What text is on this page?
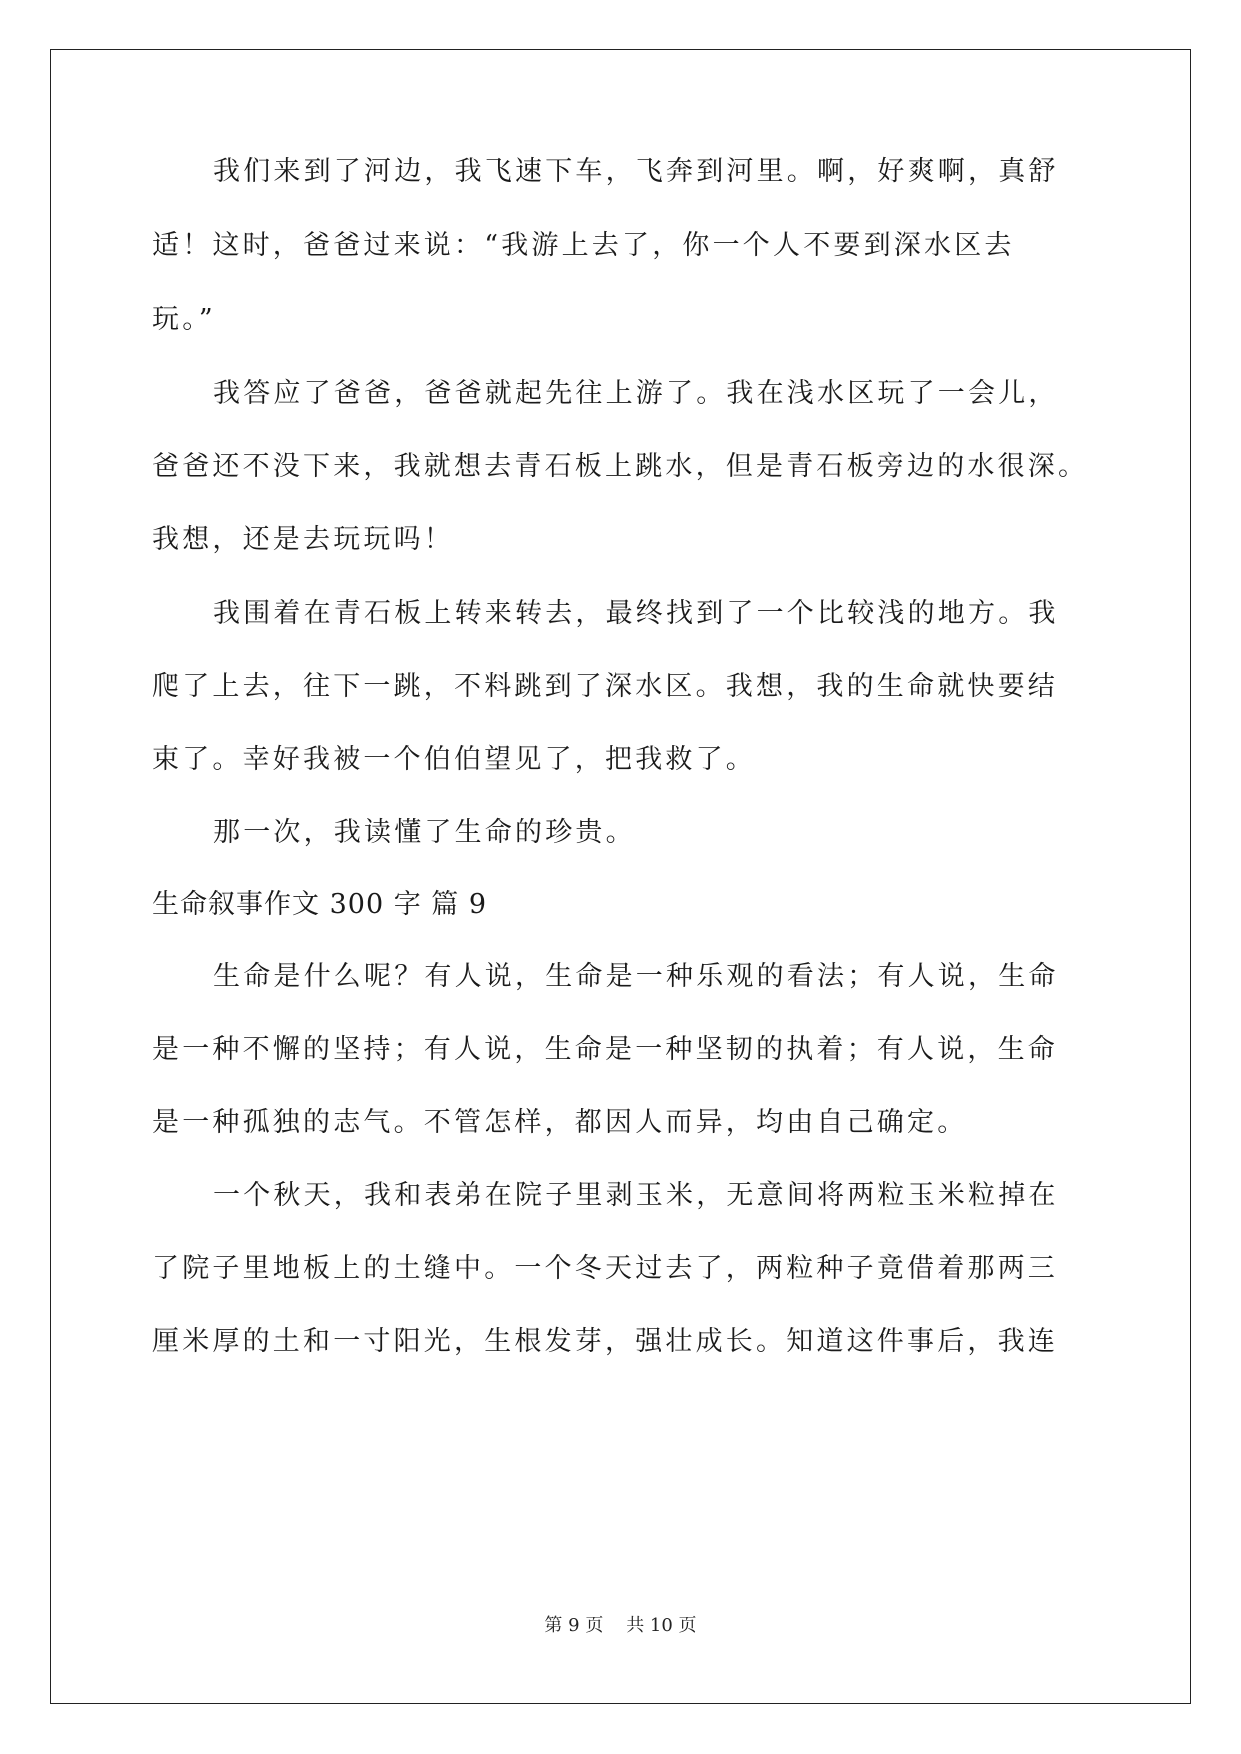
我们来到了河边，我飞速下车，飞奔到河里。啊，好爽啊，真舒
适！这时，爸爸过来说：“我游上去了，你一个人不要到深水区去
玩。”
我答应了爸爸，爸爸就起先往上游了。我在浅水区玩了一会儿，
爸爸还不没下来，我就想去青石板上跳水，但是青石板旁边的水很深。
我想，还是去玩玩吗！
我围着在青石板上转来转去，最终找到了一个比较浅的地方。我
爬了上去，往下一跳，不料跳到了深水区。我想，我的生命就快要结
束了。幸好我被一个伯伯望见了，把我救了。
那一次，我读懂了生命的珍贵。
生命叙事作文 300 字 篇 9
生命是什么呢？有人说，生命是一种乐观的看法；有人说，生命
是一种不懈的坚持；有人说，生命是一种坚韧的执着；有人说，生命
是一种孤独的志气。不管怎样，都因人而异，均由自己确定。
一个秋天，我和表弟在院子里剥玉米，无意间将两粒玉米粒掉在
了院子里地板上的土缝中。一个冬天过去了，两粒种子竟借着那两三
厘米厚的土和一寸阳光，生根发芽，强壮成长。知道这件事后，我连
第 9 页    共 10 页
